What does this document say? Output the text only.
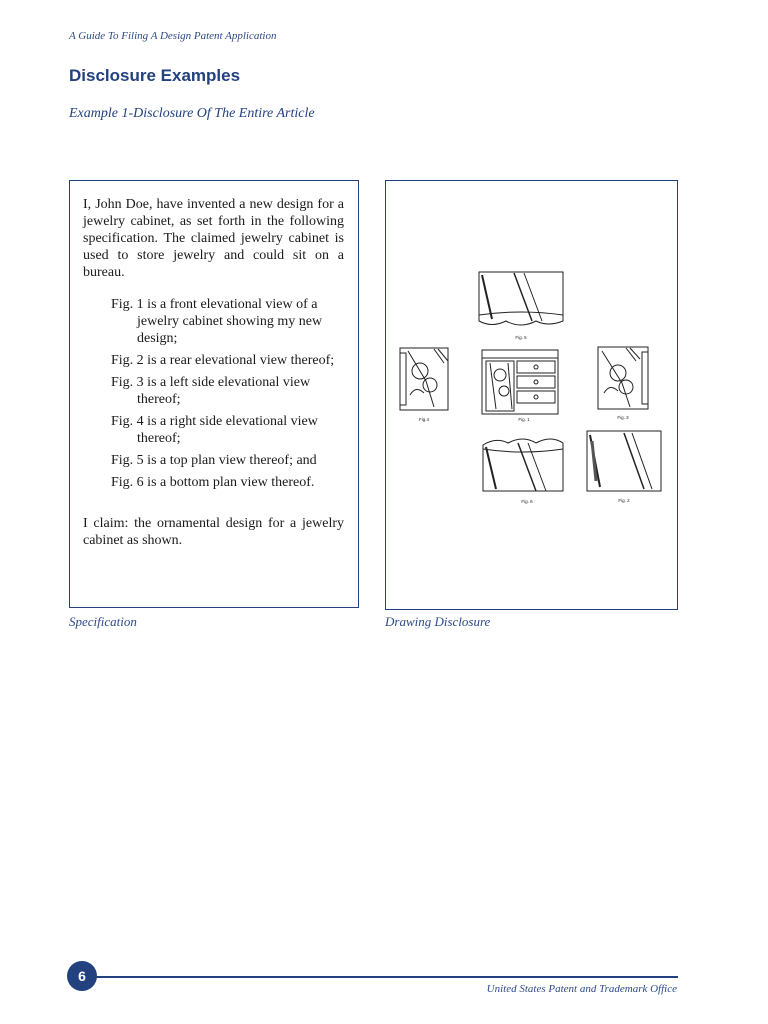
A Guide To Filing A Design Patent Application
Disclosure Examples
Example 1-Disclosure Of The Entire Article

I, John Doe, have invented a new design for a jewelry cabinet, as set forth in the following specification. The claimed jewelry cabinet is used to store jewelry and could sit on a bureau.

Fig. 1 is a front elevational view of a jewelry cabinet showing my new design;
Fig. 2 is a rear elevational view thereof;
Fig. 3 is a left side elevational view thereof;
Fig. 4 is a right side elevational view thereof;
Fig. 5 is a top plan view thereof; and
Fig. 6 is a bottom plan view thereof.

I claim: the ornamental design for a jewelry cabinet as shown.

Fig. 5
Fig.4	Fig. 1	Fig. 3
Fig. 6	Fig. 2
Specification	Drawing Disclosure
6
United States Patent and Trademark Office
